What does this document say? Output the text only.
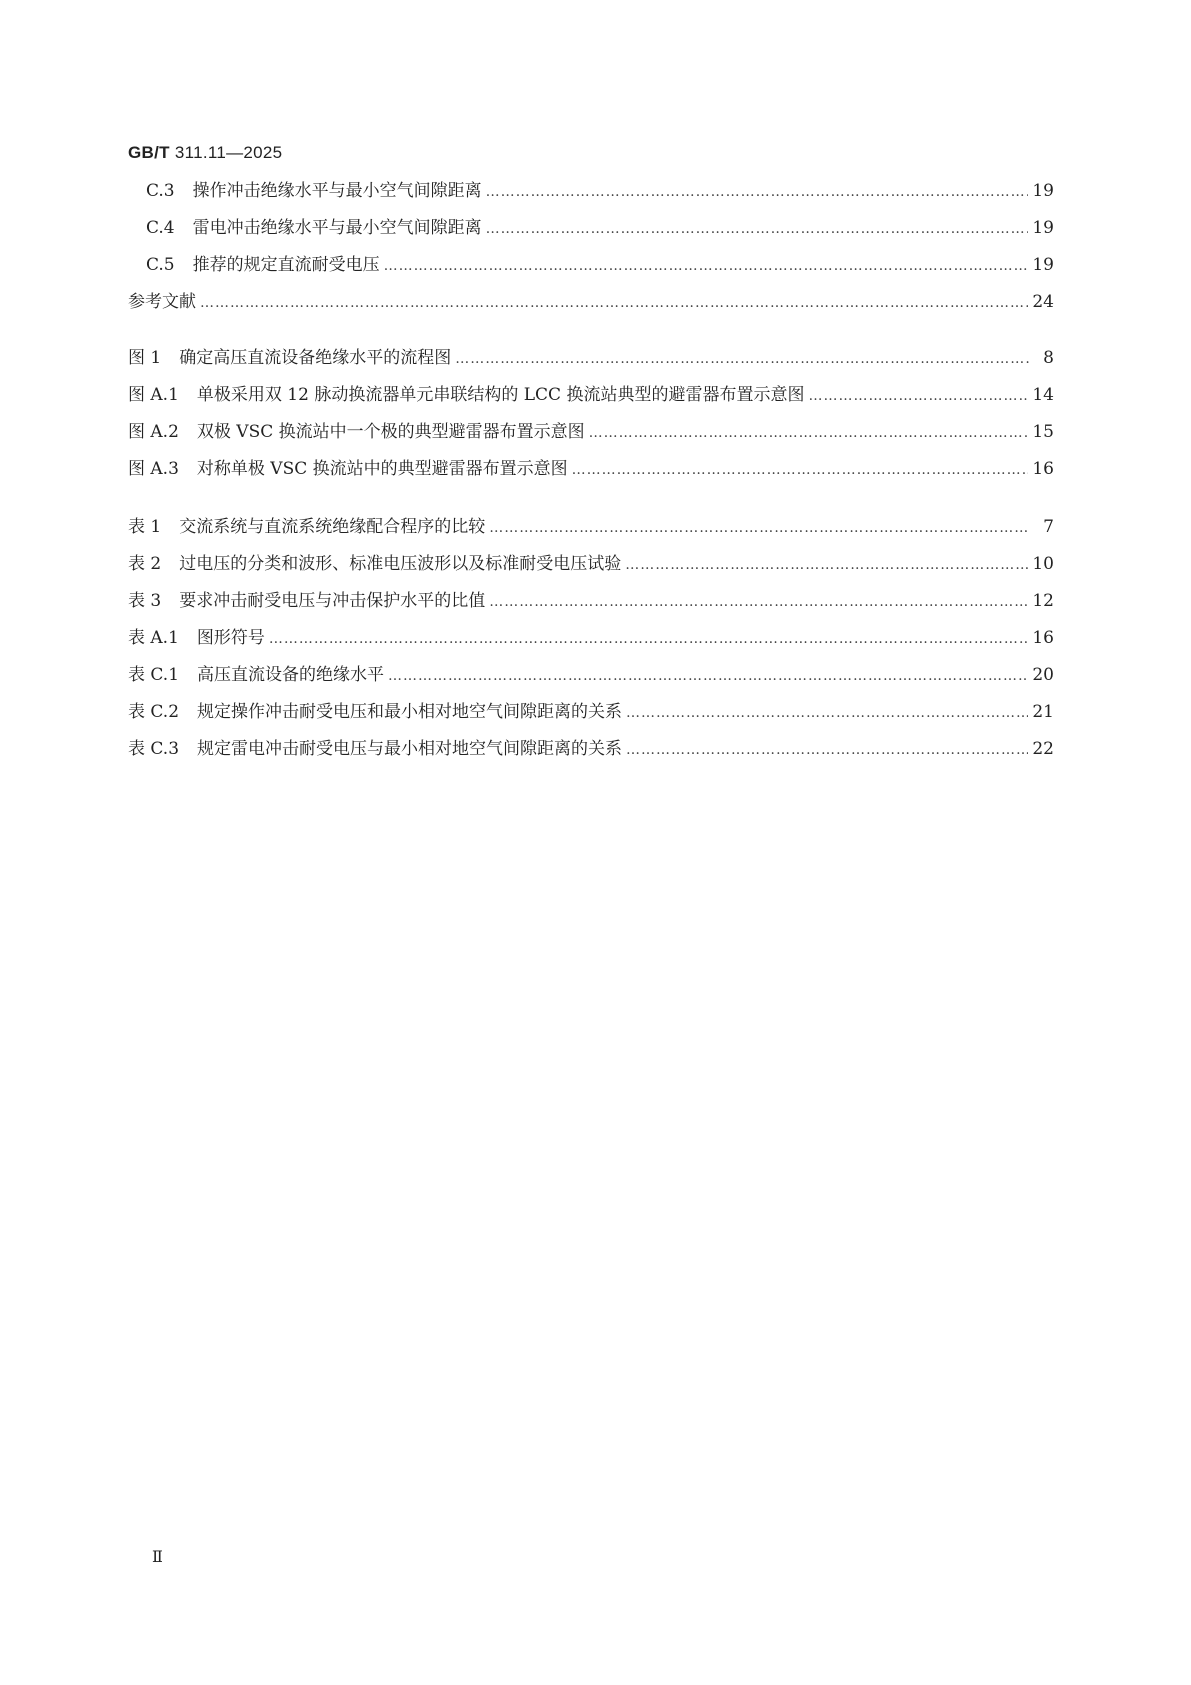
GB/T 311.11—2025
C.3 操作冲击绝缘水平与最小空气间隙距离 …………………………………………………………………………………………………………………………………………………………………………………………………………	19
C.4 雷电冲击绝缘水平与最小空气间隙距离 …………………………………………………………………………………………………………………………………………………………………………………………………………	19
C.5 推荐的规定直流耐受电压 …………………………………………………………………………………………………………………………………………………………………………………………………………	19
参考文献 …………………………………………………………………………………………………………………………………………………………………………………………………………	24
图 1 确定高压直流设备绝缘水平的流程图 …………………………………………………………………………………………………………………………………………………………………………………………………………	8
图 A.1 单极采用双 12 脉动换流器单元串联结构的 LCC 换流站典型的避雷器布置示意图 …………………………………………………………………………………………………………………………………………………………………………………………………………	14
图 A.2 双极 VSC 换流站中一个极的典型避雷器布置示意图 …………………………………………………………………………………………………………………………………………………………………………………………………………	15
图 A.3 对称单极 VSC 换流站中的典型避雷器布置示意图 …………………………………………………………………………………………………………………………………………………………………………………………………………	16
表 1 交流系统与直流系统绝缘配合程序的比较 …………………………………………………………………………………………………………………………………………………………………………………………………………	7
表 2 过电压的分类和波形、标准电压波形以及标准耐受电压试验 …………………………………………………………………………………………………………………………………………………………………………………………………………	10
表 3 要求冲击耐受电压与冲击保护水平的比值 …………………………………………………………………………………………………………………………………………………………………………………………………………	12
表 A.1 图形符号 …………………………………………………………………………………………………………………………………………………………………………………………………………	16
表 C.1 高压直流设备的绝缘水平 …………………………………………………………………………………………………………………………………………………………………………………………………………	20
表 C.2 规定操作冲击耐受电压和最小相对地空气间隙距离的关系 …………………………………………………………………………………………………………………………………………………………………………………………………………	21
表 C.3 规定雷电冲击耐受电压与最小相对地空气间隙距离的关系 …………………………………………………………………………………………………………………………………………………………………………………………………………	22
Ⅱ
